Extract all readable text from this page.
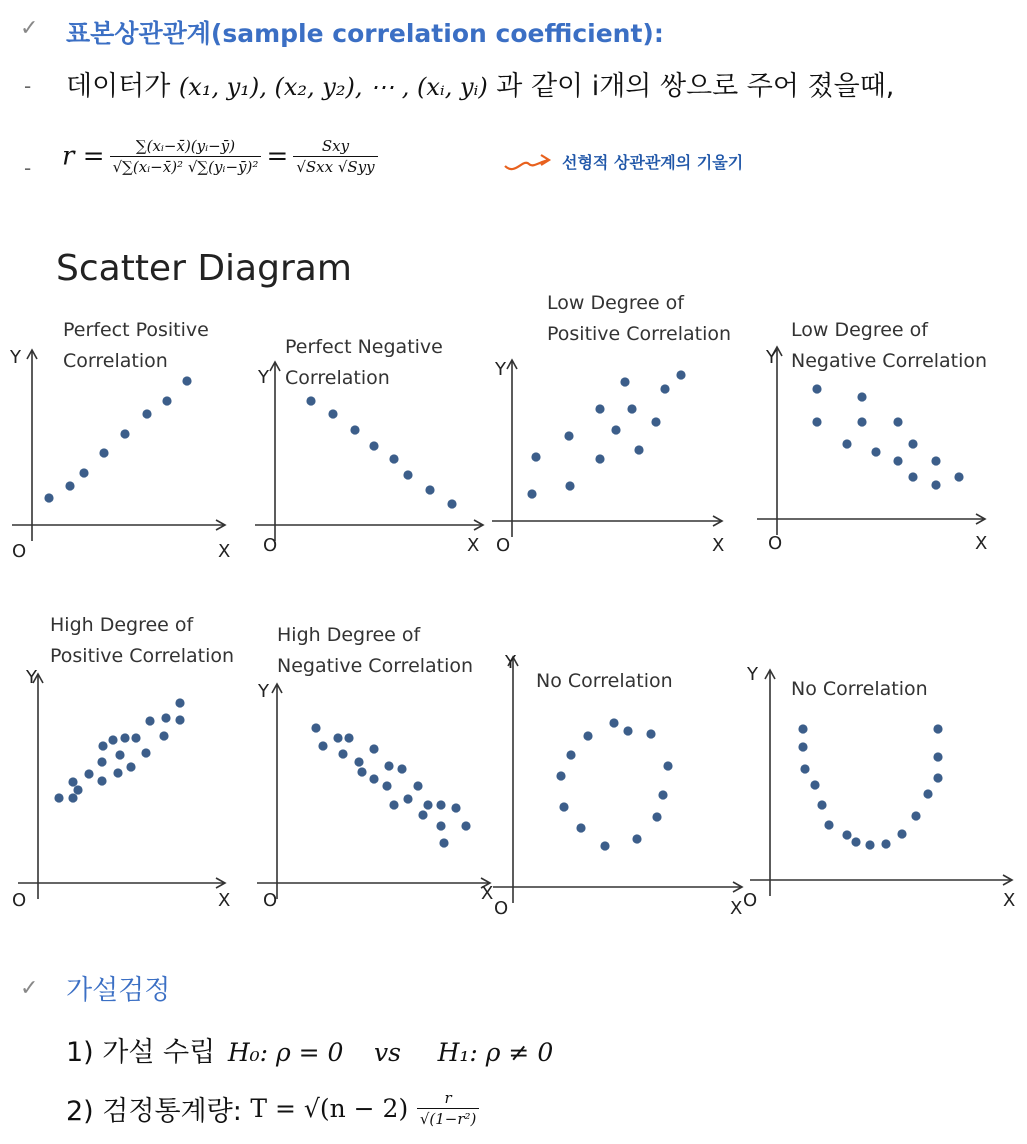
✓ 표본상관관계(sample correlation coefficient):
- 데이터가 (x₁, y₁), (x₂, y₂), ⋯ , (xᵢ, yᵢ) 과 같이 i개의 쌍으로 주어 졌을때,
- $r = \frac{\text{∑(xᵢ−x̄)(yᵢ−ȳ)}}{\text{√∑(xᵢ−x̄)² √∑(yᵢ−ȳ)²}} = \frac{\text{Sxy}}{\text{√Sxx √Syy}}$	선형적 상관관계의 기울기
Scatter Diagram
Y
X
O
Y
X
O
Y
X
O
Y
X
O
Y
X
O
Y
X
O
Y
X
O
Y
X
O
Perfect Positive
Correlation
Perfect Negative
Correlation
Low Degree of
Positive Correlation	Low Degree of
Negative Correlation
High Degree of
Positive Correlation
High Degree of
Negative Correlation
No Correlation	No Correlation
✓ 가설검정
1) 가설 수립 H₀: ρ = 0 vs H₁: ρ ≠ 0
2) 검정통계량: $T = √(n - 2) \frac{r}{\text{√(1−r²)}}$
